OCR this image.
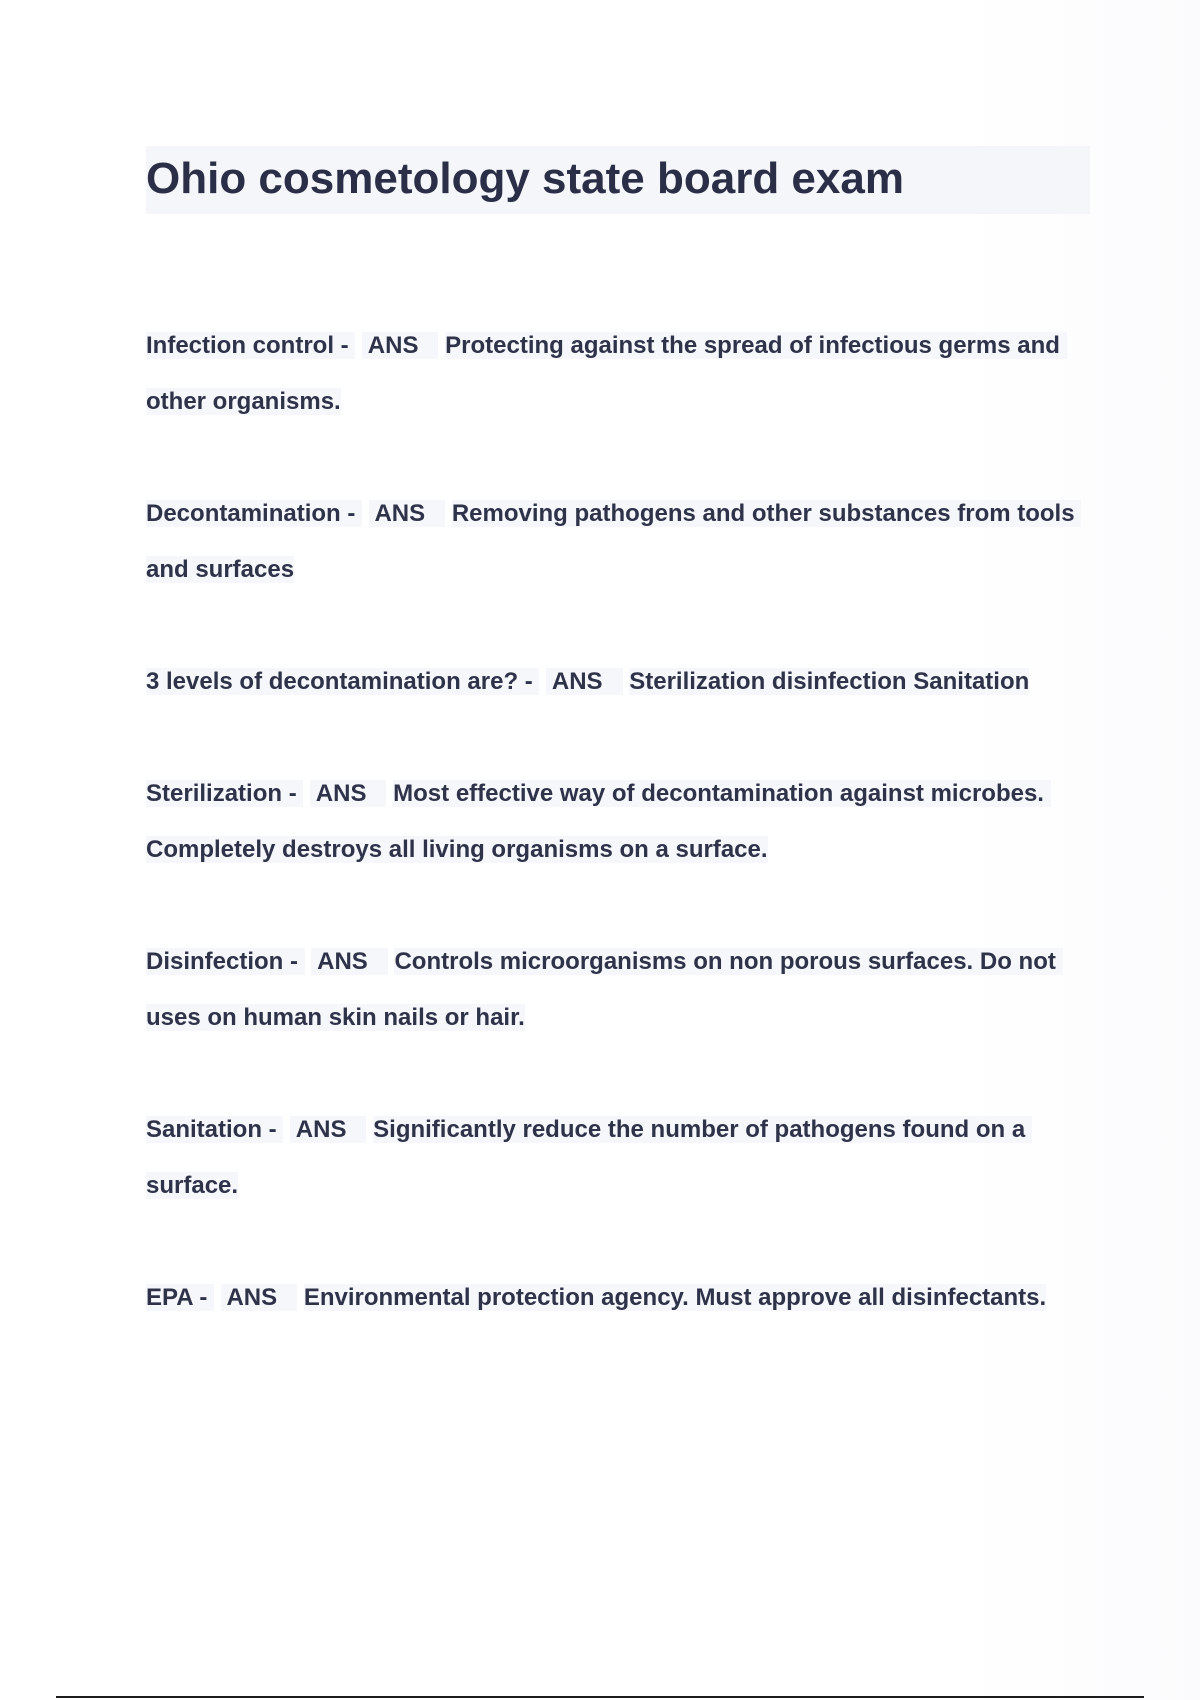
Ohio cosmetology state board exam

Infection control -   ANS    Protecting against the spread of infectious germs and other organisms.

Decontamination -   ANS    Removing pathogens and other substances from tools and surfaces

3 levels of decontamination are? -   ANS    Sterilization disinfection Sanitation

Sterilization -   ANS    Most effective way of decontamination against microbes. Completely destroys all living organisms on a surface.

Disinfection -   ANS    Controls microorganisms on non porous surfaces. Do not uses on human skin nails or hair.

Sanitation -   ANS    Significantly reduce the number of pathogens found on a surface.

EPA -   ANS    Environmental protection agency. Must approve all disinfectants.
